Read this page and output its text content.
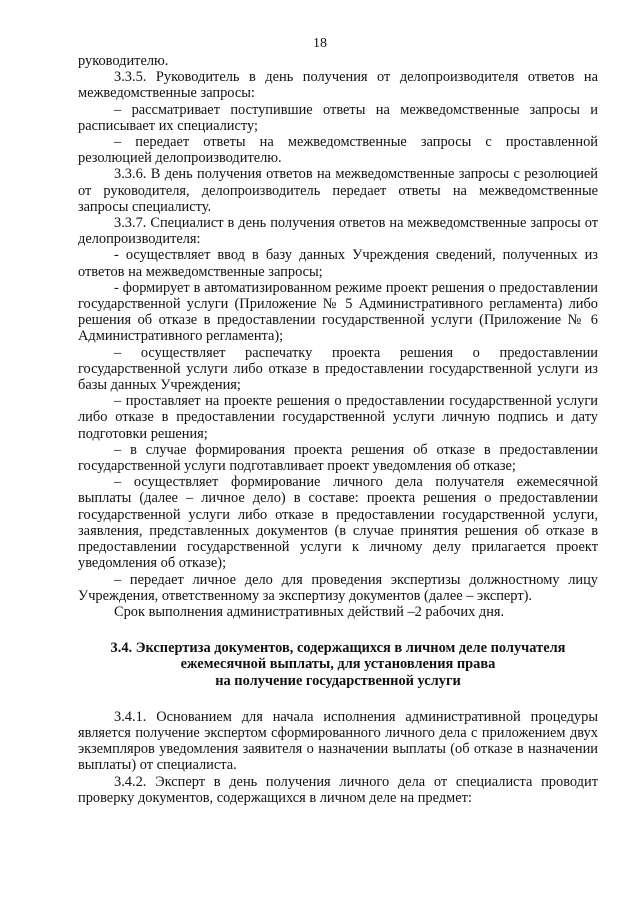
18

руководителю.

3.3.5. Руководитель в день получения от делопроизводителя ответов на межведомственные запросы:

– рассматривает поступившие ответы на межведомственные запросы и расписывает их специалисту;

– передает ответы на межведомственные запросы с проставленной резолюцией делопроизводителю.

3.3.6. В день получения ответов на межведомственные запросы с резолюцией от руководителя, делопроизводитель передает ответы на межведомственные запросы специалисту.

3.3.7. Специалист в день получения ответов на межведомственные запросы от делопроизводителя:

- осуществляет ввод в базу данных Учреждения сведений, полученных из ответов на межведомственные запросы;

- формирует в автоматизированном режиме проект решения о предоставлении государственной услуги (Приложение № 5 Административного регламента) либо решения об отказе в предоставлении государственной услуги (Приложение № 6 Административного регламента);

– осуществляет распечатку проекта решения о предоставлении государственной услуги либо отказе в предоставлении государственной услуги из базы данных Учреждения;

– проставляет на проекте решения о предоставлении государственной услуги либо отказе в предоставлении государственной услуги личную подпись и дату подготовки решения;

– в случае формирования проекта решения об отказе в предоставлении государственной услуги подготавливает проект уведомления об отказе;

– осуществляет формирование личного дела получателя ежемесячной выплаты (далее – личное дело) в составе: проекта решения о предоставлении государственной услуги либо отказе в предоставлении государственной услуги, заявления, представленных документов (в случае принятия решения об отказе в предоставлении государственной услуги к личному делу прилагается проект уведомления об отказе);

– передает личное дело для проведения экспертизы должностному лицу Учреждения, ответственному за экспертизу документов (далее – эксперт).

Срок выполнения административных действий –2 рабочих дня.

3.4. Экспертиза документов, содержащихся в личном деле получателя
ежемесячной выплаты, для установления права
на получение государственной услуги

3.4.1. Основанием для начала исполнения административной процедуры является получение экспертом сформированного личного дела с приложением двух экземпляров уведомления заявителя о назначении выплаты (об отказе в назначении выплаты) от специалиста.

3.4.2. Эксперт в день получения личного дела от специалиста проводит проверку документов, содержащихся в личном деле на предмет:
